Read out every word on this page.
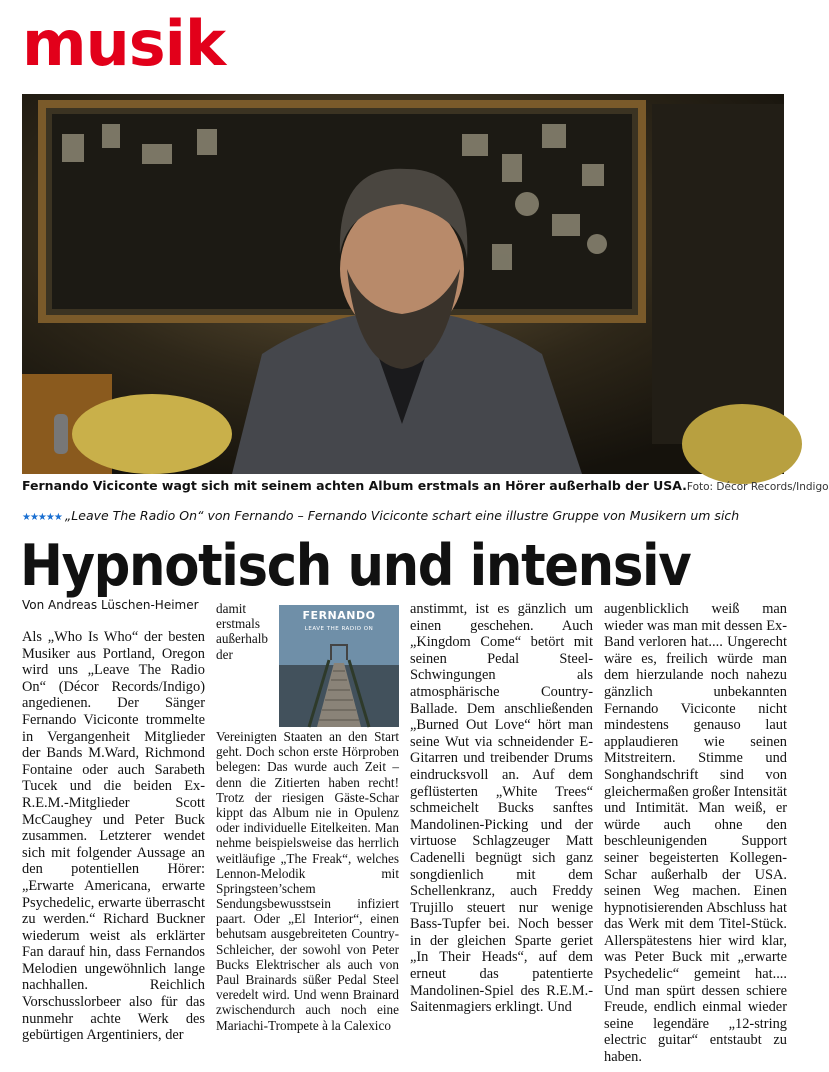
musik
Fernando Viciconte wagt sich mit seinem achten Album erstmals an Hörer außerhalb der USA. Foto: Décor Records/Indigo
★★★★★ „Leave The Radio On“ von Fernando – Fernando Viciconte schart eine illustre Gruppe von Musikern um sich
Hypnotisch und intensiv
Von Andreas Lüschen-Heimer

Als „Who Is Who“ der besten Musiker aus Portland, Oregon wird uns „Leave The Radio On“ (Décor Records/Indigo) angedienen. Der Sänger Fernando Viciconte trommelte in Vergangenheit Mitglieder der Bands M.Ward, Richmond Fontaine oder auch Sarabeth Tucek und die beiden Ex-R.E.M.-Mitglieder Scott McCaughey und Peter Buck zusammen. Letzterer wendet sich mit folgender Aussage an den potentiellen Hörer: „Erwarte Americana, erwarte Psychedelic, erwarte überrascht zu werden.“ Richard Buckner wiederum weist als erklärter Fan darauf hin, dass Fernandos Melodien ungewöhnlich lange nachhallen. Reichlich Vorschusslorbeer also für das nunmehr achte Werk des gebürtigen Argentiniers, der

FERNANDO
LEAVE THE RADIO ON

damit erstmals außerhalb der Vereinigten Staaten an den Start geht. Doch schon erste Hörproben belegen: Das wurde auch Zeit – denn die Zitierten haben recht! Trotz der riesigen Gäste-Schar kippt das Album nie in Opulenz oder individuelle Eitelkeiten. Man nehme beispielsweise das herrlich weitläufige „The Freak“, welches Lennon-Melodik mit Springsteen’schem Sendungsbewusstsein infiziert paart. Oder „El Interior“, einen behutsam ausgebreiteten Country-Schleicher, der sowohl von Peter Bucks Elektrischer als auch von Paul Brainards süßer Pedal Steel veredelt wird. Und wenn Brainard zwischendurch auch noch eine Mariachi-Trompete à la Calexico

anstimmt, ist es gänzlich um einen geschehen. Auch „Kingdom Come“ betört mit seinen Pedal Steel-Schwingungen als atmosphärische Country-Ballade. Dem anschließenden „Burned Out Love“ hört man seine Wut via schneidender E-Gitarren und treibender Drums eindrucksvoll an. Auf dem geflüsterten „White Trees“ schmeichelt Bucks sanftes Mandolinen-Picking und der virtuose Schlagzeuger Matt Cadenelli begnügt sich ganz songdienlich mit dem Schellenkranz, auch Freddy Trujillo steuert nur wenige Bass-Tupfer bei. Noch besser in der gleichen Sparte geriet „In Their Heads“, auf dem erneut das patentierte Mandolinen-Spiel des R.E.M.-Saitenmagiers erklingt. Und

augenblicklich weiß man wieder was man mit dessen Ex-Band verloren hat.... Ungerecht wäre es, freilich würde man dem hierzulande noch nahezu gänzlich unbekannten Fernando Viciconte nicht mindestens genauso laut applaudieren wie seinen Mitstreitern. Stimme und Songhandschrift sind von gleichermaßen großer Intensität und Intimität. Man weiß, er würde auch ohne den beschleunigenden Support seiner begeisterten Kollegen-Schar außerhalb der USA. seinen Weg machen. Einen hypnotisierenden Abschluss hat das Werk mit dem Titel-Stück. Allerspätestens hier wird klar, was Peter Buck mit „erwarte Psychedelic“ gemeint hat.... Und man spürt dessen schiere Freude, endlich einmal wieder seine legendäre „12-string electric guitar“ entstaubt zu haben.
